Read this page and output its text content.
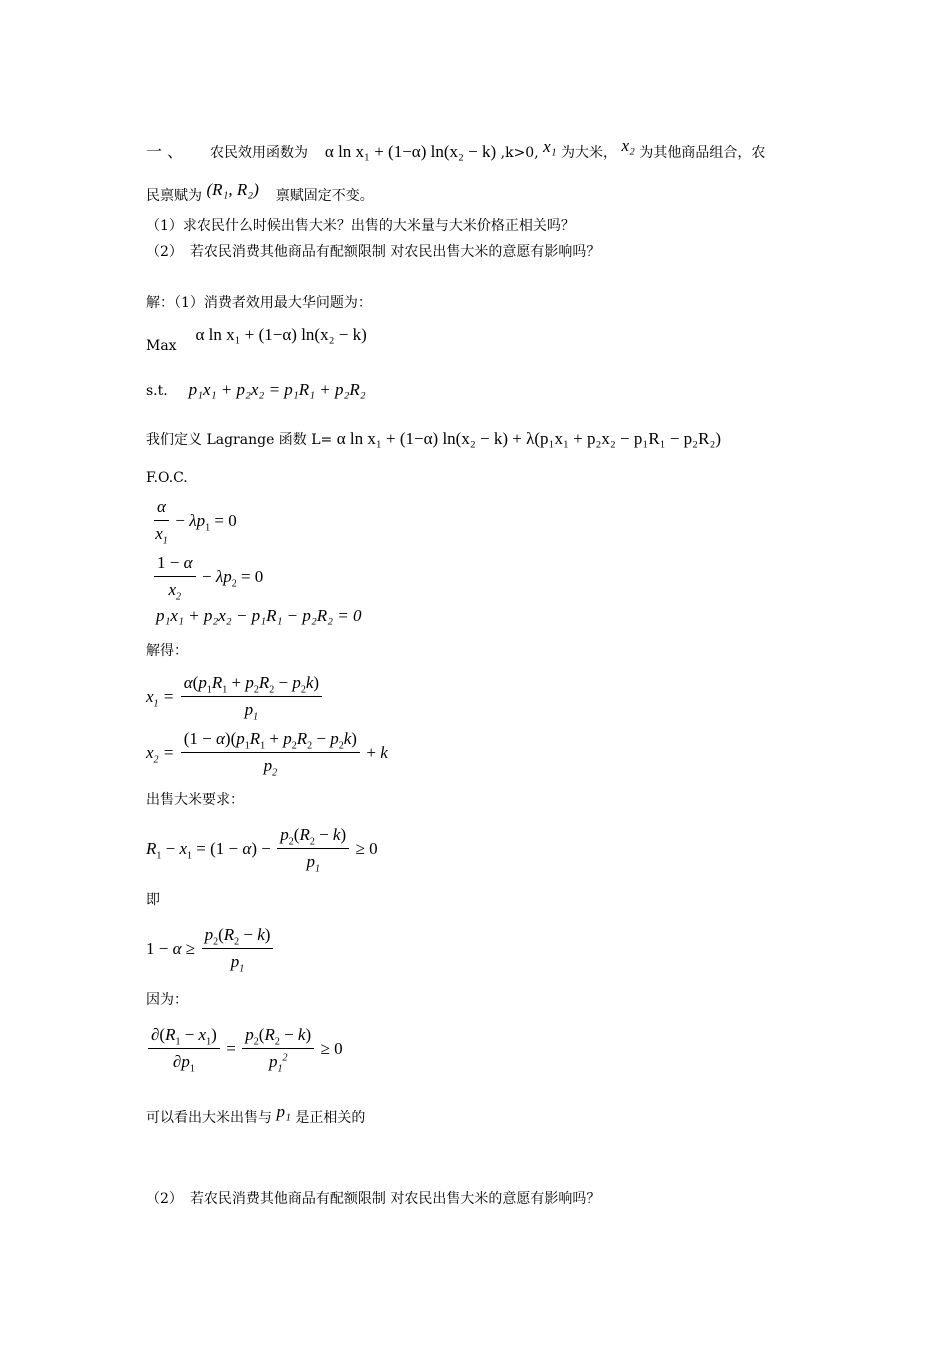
一 、 农民效用函数为 α ln x₁ + (1−α) ln(x₂ − k) ,k>0, x₁ 为大米， x₂ 为其他商品组合，农
民禀赋为 (R₁, R₂) 禀赋固定不变。
（1）求农民什么时候出售大米？出售的大米量与大米价格正相关吗？
（2）　若农民消费其他商品有配额限制 对农民出售大米的意愿有影响吗？
解：（1）消费者效用最大华问题为：
Max  α ln x₁ + (1−α) ln(x₂ − k)
s.t. p₁x₁ + p₂x₂ = p₁R₁ + p₂R₂
我们定义 Lagrange 函数 L= α ln x₁ + (1−α) ln(x₂ − k) + λ(p₁x₁ + p₂x₂ − p₁R₁ − p₂R₂)
F.O.C.
$\frac{\alpha}{x_1} - \lambda p_1 = 0$
$\frac{1 - \alpha}{x_2} - \lambda p_2 = 0$
p₁x₁ + p₂x₂ − p₁R₁ − p₂R₂ = 0
解得：
$x_1 = \frac{\alpha(p_1R_1 + p_2R_2 - p_2k)}{p_1}$
$x_2 = \frac{(1 - \alpha)(p_1R_1 + p_2R_2 - p_2k)}{p_2} + k$
出售大米要求：
$R_1 - x_1 = (1 - \alpha) - \frac{p_2(R_2 - k)}{p_1} \ge 0$
即
$1 - \alpha \ge \frac{p_2(R_2 - k)}{p_1}$
因为：
$\frac{\partial(R_1 - x_1)}{\partial p_1} = \frac{p_2(R_2 - k)}{p_1^2} \ge 0$
可以看出大米出售与 p₁ 是正相关的
（2）　若农民消费其他商品有配额限制 对农民出售大米的意愿有影响吗？
